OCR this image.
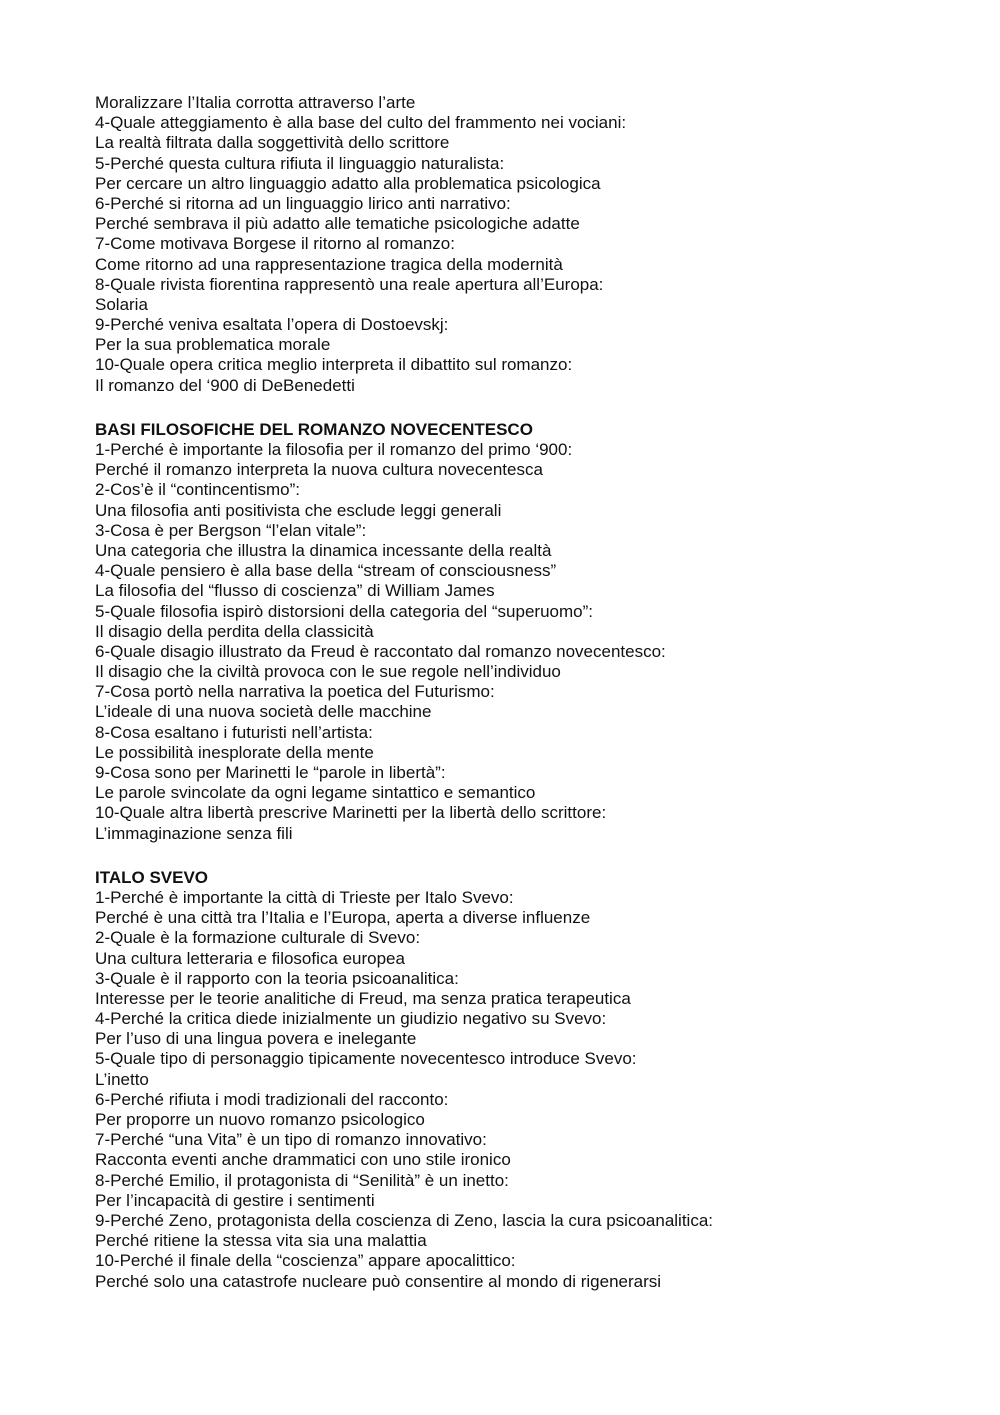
Moralizzare l’Italia corrotta attraverso l’arte

4-Quale atteggiamento è alla base del culto del frammento nei vociani:

La realtà filtrata dalla soggettività dello scrittore

5-Perché questa cultura rifiuta il linguaggio naturalista:

Per cercare un altro linguaggio adatto alla problematica psicologica

6-Perché si ritorna ad un linguaggio lirico anti narrativo:

Perché sembrava il più adatto alle tematiche psicologiche adatte

7-Come motivava Borgese il ritorno al romanzo:

Come ritorno ad una rappresentazione tragica della modernità

8-Quale rivista fiorentina rappresentò una reale apertura all’Europa:

Solaria

9-Perché veniva esaltata l’opera di Dostoevskj:

Per la sua problematica morale

10-Quale opera critica meglio interpreta il dibattito sul romanzo:

Il romanzo del ‘900 di DeBenedetti

BASI FILOSOFICHE DEL ROMANZO NOVECENTESCO

1-Perché è importante la filosofia per il romanzo del primo ‘900:

Perché il romanzo interpreta la nuova cultura novecentesca

2-Cos’è il “contincentismo”:

Una filosofia anti positivista che esclude leggi generali

3-Cosa è per Bergson “l’elan vitale”:

Una categoria che illustra la dinamica incessante della realtà

4-Quale pensiero è alla base della “stream of consciousness”

La filosofia del “flusso di coscienza” di William James

5-Quale filosofia ispirò distorsioni della categoria del “superuomo”:

Il disagio della perdita della classicità

6-Quale disagio illustrato da Freud è raccontato dal romanzo novecentesco:

Il disagio che la civiltà provoca con le sue regole nell’individuo

7-Cosa portò nella narrativa la poetica del Futurismo:

L’ideale di una nuova società delle macchine

8-Cosa esaltano i futuristi nell’artista:

Le possibilità inesplorate della mente

9-Cosa sono per Marinetti le “parole in libertà”:

Le parole svincolate da ogni legame sintattico e semantico

10-Quale altra libertà prescrive Marinetti per la libertà dello scrittore:

L’immaginazione senza fili

ITALO SVEVO

1-Perché è importante la città di Trieste per Italo Svevo:

Perché è una città tra l’Italia e l’Europa, aperta a diverse influenze

2-Quale è la formazione culturale di Svevo:

Una cultura letteraria e filosofica europea

3-Quale è il rapporto con la teoria psicoanalitica:

Interesse per le teorie analitiche di Freud, ma senza pratica terapeutica

4-Perché la critica diede inizialmente un giudizio negativo su Svevo:

Per l’uso di una lingua povera e inelegante

5-Quale tipo di personaggio tipicamente novecentesco introduce Svevo:

L’inetto

6-Perché rifiuta i modi tradizionali del racconto:

Per proporre un nuovo romanzo psicologico

7-Perché “una Vita” è un tipo di romanzo innovativo:

Racconta eventi anche drammatici con uno stile ironico

8-Perché Emilio, il protagonista di “Senilità” è un inetto:

Per l’incapacità di gestire i sentimenti

9-Perché Zeno, protagonista della coscienza di Zeno, lascia la cura psicoanalitica:

Perché ritiene la stessa vita sia una malattia

10-Perché il finale della “coscienza” appare apocalittico:

Perché solo una catastrofe nucleare può consentire al mondo di rigenerarsi
